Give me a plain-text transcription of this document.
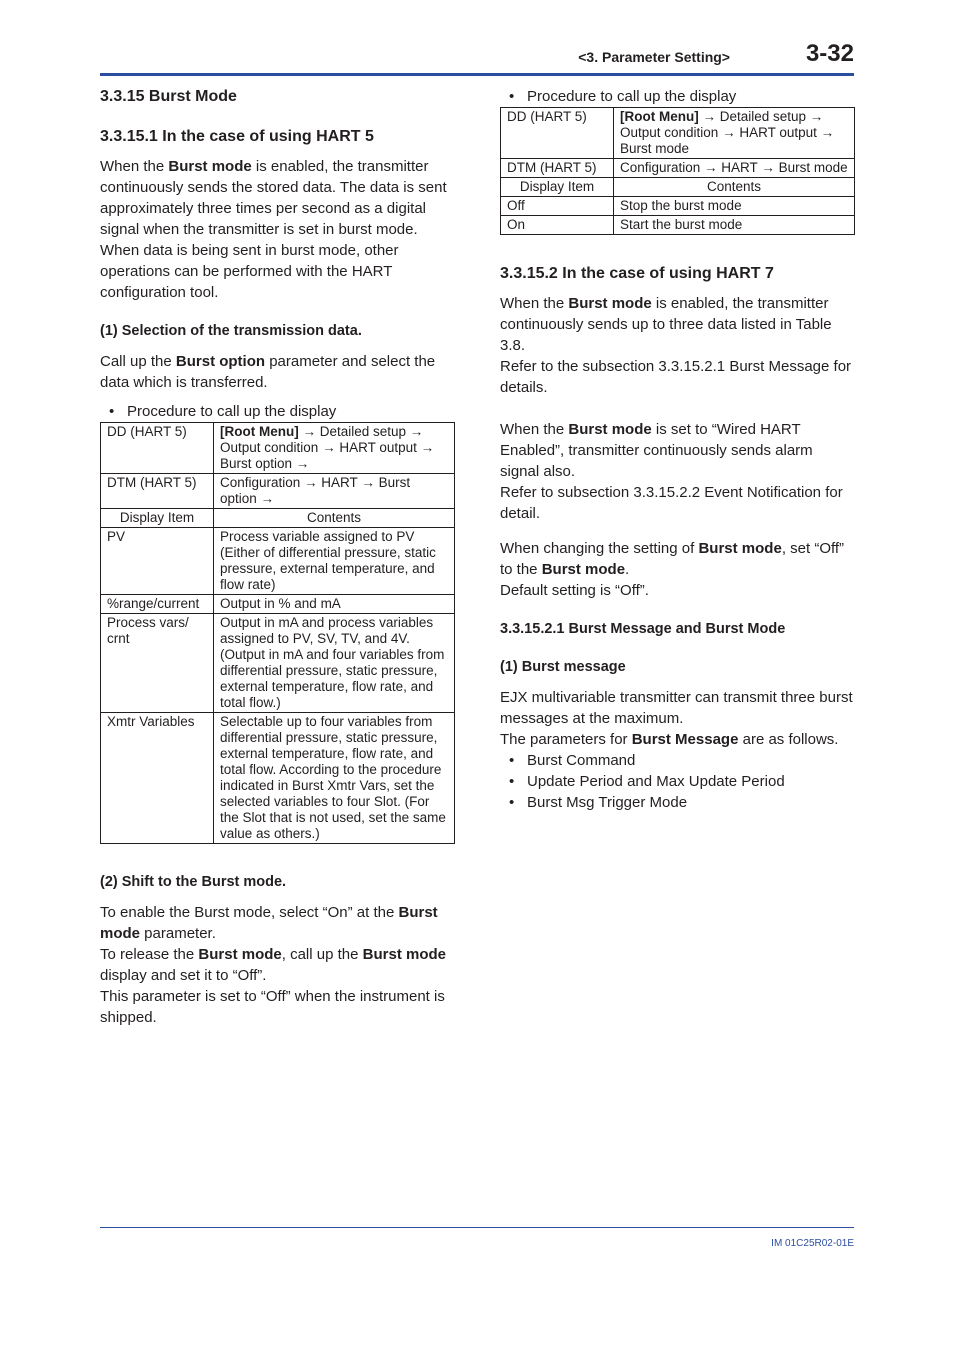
<3. Parameter Setting>	3-32
3.3.15 Burst Mode
3.3.15.1 In the case of using HART 5

When the Burst mode is enabled, the transmitter continuously sends the stored data. The data is sent approximately three times per second as a digital signal when the transmitter is set in burst mode. When data is being sent in burst mode, other operations can be performed with the HART configuration tool.

(1) Selection of the transmission data.

Call up the Burst option parameter and select the data which is transferred.

• Procedure to call up the display
DD (HART 5)	[Root Menu] → Detailed setup → Output condition → HART output → Burst option →
DTM (HART 5)	Configuration → HART → Burst option →
Display Item	Contents
PV	Process variable assigned to PV (Either of differential pressure, static pressure, external temperature, and flow rate)
%range/current	Output in % and mA
Process vars/ crnt	Output in mA and process variables assigned to PV, SV, TV, and 4V. (Output in mA and four variables from differential pressure, static pressure, external temperature, flow rate, and total flow.)
Xmtr Variables	Selectable up to four variables from differential pressure, static pressure, external temperature, flow rate, and total flow. According to the procedure indicated in Burst Xmtr Vars, set the selected variables to four Slot. (For the Slot that is not used, set the same value as others.)
(2) Shift to the Burst mode.

To enable the Burst mode, select “On” at the Burst mode parameter.

To release the Burst mode, call up the Burst mode display and set it to “Off”.

This parameter is set to “Off” when the instrument is shipped.

• Procedure to call up the display
DD (HART 5)	[Root Menu] → Detailed setup → Output condition → HART output → Burst mode
DTM (HART 5)	Configuration → HART → Burst mode
Display Item	Contents
Off	Stop the burst mode
On	Start the burst mode
3.3.15.2 In the case of using HART 7

When the Burst mode is enabled, the transmitter continuously sends up to three data listed in Table 3.8.

Refer to the subsection 3.3.15.2.1 Burst Message for details.

When the Burst mode is set to “Wired HART Enabled”, transmitter continuously sends alarm signal also.

Refer to subsection 3.3.15.2.2 Event Notification for detail.

When changing the setting of Burst mode, set “Off” to the Burst mode.

Default setting is “Off”.

3.3.15.2.1 Burst Message and Burst Mode
(1) Burst message

EJX multivariable transmitter can transmit three burst messages at the maximum.

The parameters for Burst Message are as follows.

• Burst Command
• Update Period and Max Update Period
• Burst Msg Trigger Mode
IM 01C25R02-01E
